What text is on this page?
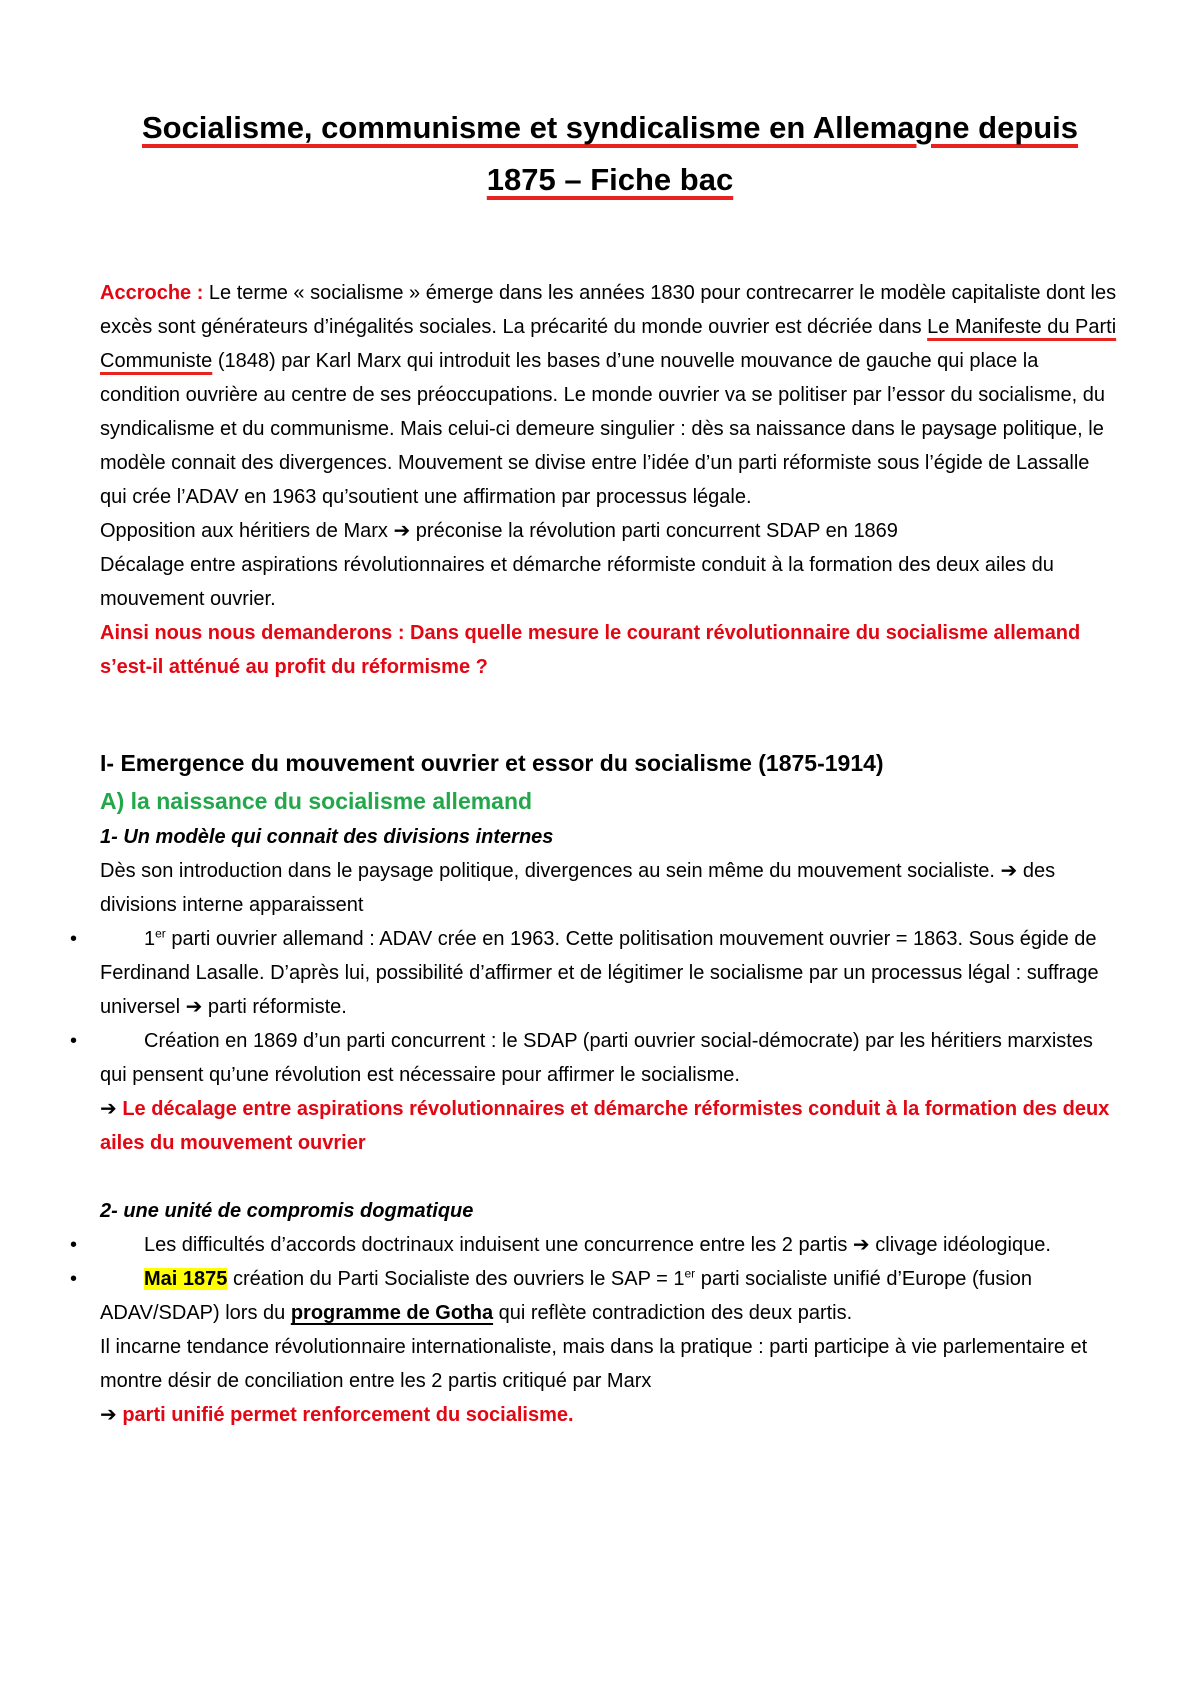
Socialisme, communisme et syndicalisme en Allemagne depuis
1875 – Fiche bac

Accroche : Le terme « socialisme » émerge dans les années 1830 pour contrecarrer le modèle capitaliste dont les excès sont générateurs d’inégalités sociales. La précarité du monde ouvrier est décriée dans Le Manifeste du Parti Communiste (1848) par Karl Marx qui introduit les bases d’une nouvelle mouvance de gauche qui place la condition ouvrière au centre de ses préoccupations. Le monde ouvrier va se politiser par l’essor du socialisme, du syndicalisme et du communisme. Mais celui-ci demeure singulier : dès sa naissance dans le paysage politique, le modèle connait des divergences. Mouvement se divise entre l’idée d’un parti réformiste sous l’égide de Lassalle qui crée l’ADAV en 1963 qu’soutient une affirmation par processus légale.

Opposition aux héritiers de Marx ➔ préconise la révolution parti concurrent SDAP en 1869

Décalage entre aspirations révolutionnaires et démarche réformiste conduit à la formation des deux ailes du mouvement ouvrier.

Ainsi nous nous demanderons : Dans quelle mesure le courant révolutionnaire du socialisme allemand s’est-il atténué au profit du réformisme ?

I- Emergence du mouvement ouvrier et essor du socialisme (1875-1914)
A) la naissance du socialisme allemand
1- Un modèle qui connait des divisions internes

Dès son introduction dans le paysage politique, divergences au sein même du mouvement socialiste. ➔ des divisions interne apparaissent

•	1er parti ouvrier allemand : ADAV crée en 1963. Cette politisation mouvement ouvrier = 1863. Sous égide de Ferdinand Lasalle. D’après lui, possibilité d’affirmer et de légitimer le socialisme par un processus légal : suffrage universel ➔ parti réformiste.

•	Création en 1869 d’un parti concurrent : le SDAP (parti ouvrier social-démocrate) par les héritiers marxistes qui pensent qu’une révolution est nécessaire pour affirmer le socialisme.

➔ Le décalage entre aspirations révolutionnaires et démarche réformistes conduit à la formation des deux ailes du mouvement ouvrier

2- une unité de compromis dogmatique

•	Les difficultés d’accords doctrinaux induisent une concurrence entre les 2 partis ➔ clivage idéologique.

•	Mai 1875 création du Parti Socialiste des ouvriers le SAP = 1er parti socialiste unifié d’Europe (fusion ADAV/SDAP) lors du programme de Gotha qui reflète contradiction des deux partis.

Il incarne tendance révolutionnaire internationaliste, mais dans la pratique : parti participe à vie parlementaire et montre désir de conciliation entre les 2 partis critiqué par Marx

➔ parti unifié permet renforcement du socialisme.
